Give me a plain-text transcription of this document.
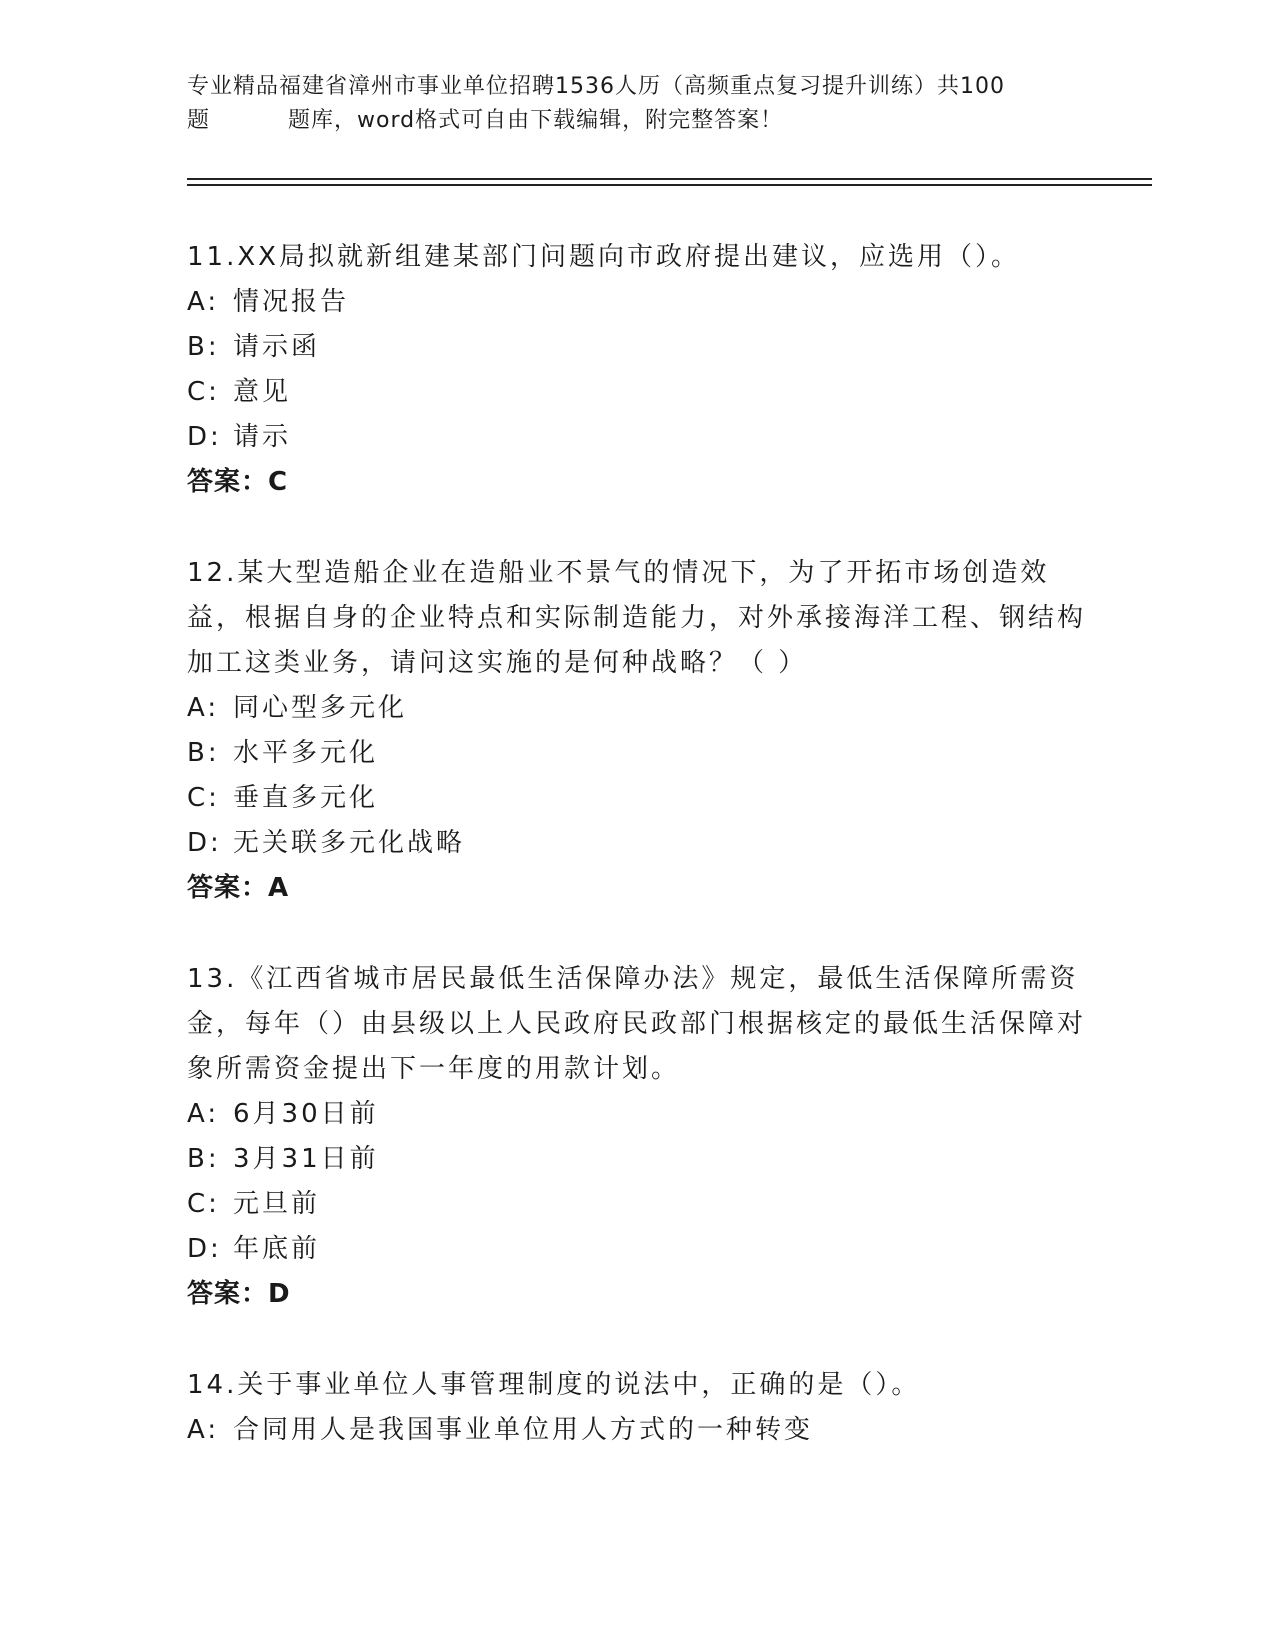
专业精品福建省漳州市事业单位招聘1536人历（高频重点复习提升训练）共100

题	题库，word格式可自由下载编辑，附完整答案！
11.XX局拟就新组建某部门问题向市政府提出建议，应选用（）。
A: 情况报告
B: 请示函
C: 意见
D: 请示
答案：C
12.某大型造船企业在造船业不景气的情况下，为了开拓市场创造效益，根据自身的企业特点和实际制造能力，对外承接海洋工程、钢结构加工这类业务，请问这实施的是何种战略？（ ）
A: 同心型多元化
B: 水平多元化
C: 垂直多元化
D: 无关联多元化战略
答案：A
13.《江西省城市居民最低生活保障办法》规定，最低生活保障所需资金，每年（）由县级以上人民政府民政部门根据核定的最低生活保障对象所需资金提出下一年度的用款计划。
A: 6月30日前
B: 3月31日前
C: 元旦前
D: 年底前
答案：D
14.关于事业单位人事管理制度的说法中，正确的是（）。
A: 合同用人是我国事业单位用人方式的一种转变
